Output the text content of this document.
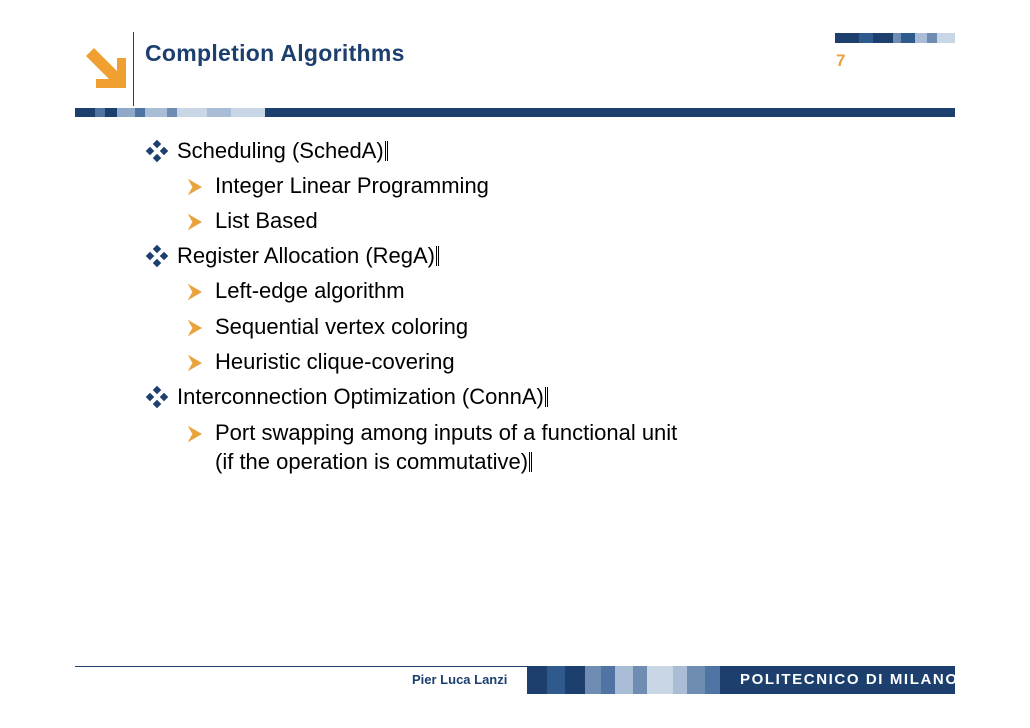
Completion Algorithms	7
Scheduling (SchedA)
Integer Linear Programming
List Based
Register Allocation (RegA)
Left-edge algorithm
Sequential vertex coloring
Heuristic clique-covering
Interconnection Optimization (ConnA)
Port swapping among inputs of a functional unit
(if the operation is commutative)
Pier Luca Lanzi	POLITECNICO DI MILANO
